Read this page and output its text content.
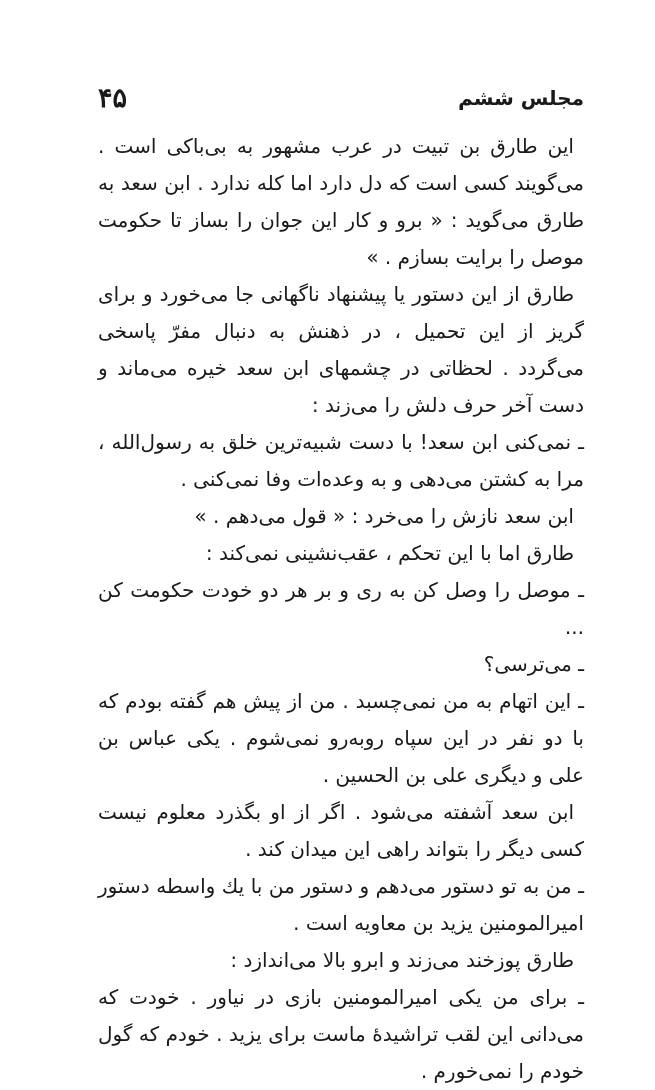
۴۵	مجلس ششم

این طارق بن تبیت در عرب مشهور به بی‌باکی است . می‌گویند کسی است که دل دارد اما کله ندارد . ابن سعد به طارق می‌گوید : « برو و کار این جوان را بساز تا حکومت موصل را برایت بسازم . »

طارق از این دستور یا پیشنهاد ناگهانی جا می‌خورد و برای گریز از این تحمیل ، در ذهنش به دنبال مفرّ پاسخی می‌گردد . لحظاتی در چشمهای ابن سعد خیره می‌ماند و دست آخر حرف دلش را می‌زند :

ـ نمی‌کنی ابن سعد! با دست شبیه‌ترین خلق به رسول‌الله ، مرا به کشتن می‌دهی و به وعده‌ات وفا نمی‌کنی .

ابن سعد نازش را می‌خرد : « قول می‌دهم . »

طارق اما با این تحکم ، عقب‌نشینی نمی‌کند :

ـ موصل را وصل کن به ری و بر هر دو خودت حکومت کن ...

ـ می‌ترسی؟

ـ این اتهام به من نمی‌چسبد . من از پیش هم گفته بودم که با دو نفر در این سپاه روبه‌رو نمی‌شوم . یکی عباس بن علی و دیگری علی بن الحسین .

ابن سعد آشفته می‌شود . اگر از او بگذرد معلوم نیست کسی دیگر را بتواند راهی این میدان کند .

ـ من به تو دستور می‌دهم و دستور من با یك واسطه دستور امیرالمومنین یزید بن معاویه است .

طارق پوزخند می‌زند و ابرو بالا می‌اندازد :

ـ برای من یکی امیرالمومنین بازی در نیاور . خودت که می‌دانی این لقب تراشیدهٔ ماست برای یزید . خودم که گول خودم را نمی‌خورم .
